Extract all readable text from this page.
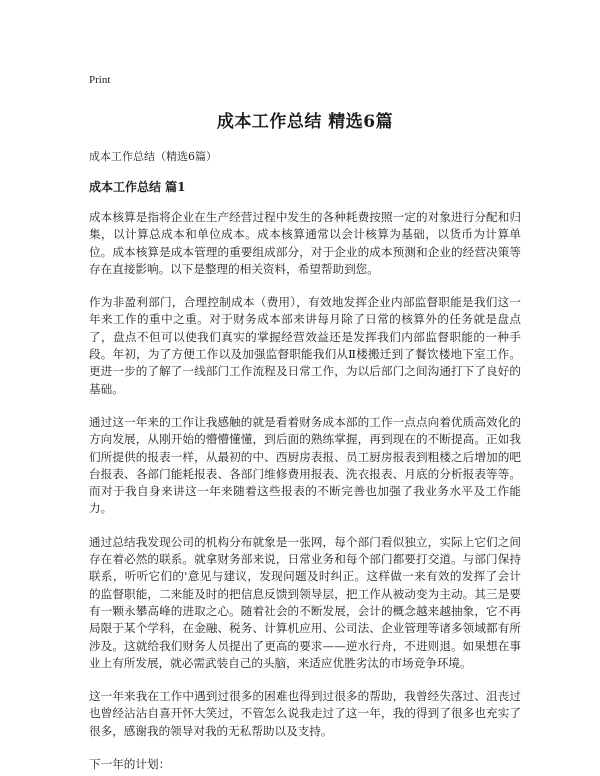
Print
成本工作总结 精选6篇
成本工作总结（精选6篇）
成本工作总结 篇1

成本核算是指将企业在生产经营过程中发生的各种耗费按照一定的对象进行分配和归集，以计算总成本和单位成本。成本核算通常以会计核算为基础，以货币为计算单位。成本核算是成本管理的重要组成部分，对于企业的成本预测和企业的经营决策等存在直接影响。以下是整理的相关资料，希望帮助到您。

作为非盈利部门，合理控制成本（费用），有效地发挥企业内部监督职能是我们这一年来工作的重中之重。对于财务成本部来讲每月除了日常的核算外的任务就是盘点了，盘点不但可以使我们真实的掌握经营效益还是发挥我们内部监督职能的一种手段。年初，为了方便工作以及加强监督职能我们从Ⅱ楼搬迁到了餐饮楼地下室工作。更进一步的了解了一线部门工作流程及日常工作，为以后部门之间沟通打下了良好的基础。

通过这一年来的工作让我感触的就是看着财务成本部的工作一点点向着优质高效化的方向发展，从刚开始的懵懵懂懂，到后面的熟练掌握，再到现在的不断提高。正如我们所提供的报表一样，从最初的中、西厨房表报、员工厨房报表到粗楼之后增加的吧台报表、各部门能耗报表、各部门维修费用报表、洗衣报表、月底的分析报表等等。而对于我自身来讲这一年来随着这些报表的不断完善也加强了我业务水平及工作能力。

通过总结我发现公司的机构分布就象是一张网，每个部门看似独立，实际上它们之间存在着必然的联系。就拿财务部来说，日常业务和每个部门都要打交道。与部门保持联系，听听它们的'意见与建议，发现问题及时纠正。这样做一来有效的发挥了会计的监督职能，二来能及时的把信息反馈到领导层，把工作从被动变为主动。其三是要有一颗永攀高峰的进取之心。随着社会的不断发展，会计的概念越来越抽象，它不再局限于某个学科，在金融、税务、计算机应用、公司法、企业管理等诸多领域都有所涉及。这就给我们财务人员提出了更高的要求——逆水行舟，不进则退。如果想在事业上有所发展，就必需武装自己的头脑，来适应优胜劣汰的市场竞争环境。

这一年来我在工作中遇到过很多的困难也得到过很多的帮助，我曾经失落过、沮丧过也曾经沾沾自喜开怀大笑过，不管怎么说我走过了这一年，我的得到了很多也充实了很多，感谢我的领导对我的无私帮助以及支持。

下一年的计划：
